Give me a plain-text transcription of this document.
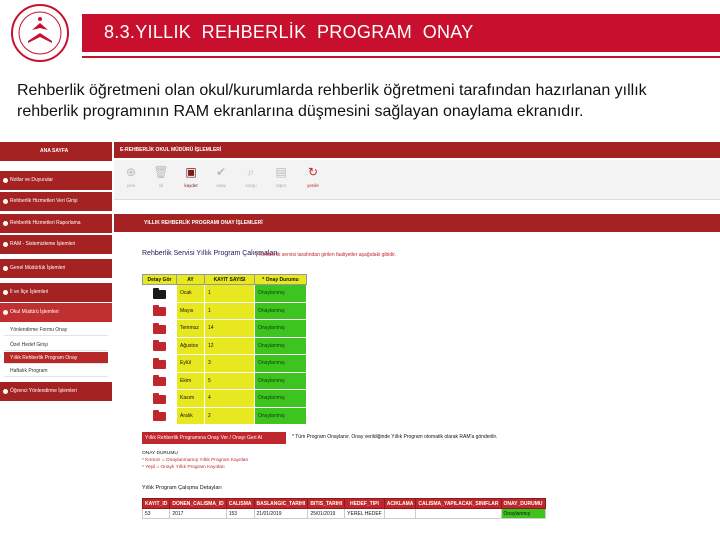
8.3.YILLIK  REHBERLİK  PROGRAM  ONAY
Rehberlik öğretmeni olan okul/kurumlarda rehberlik öğretmeni tarafından hazırlanan yıllık rehberlik programının RAM ekranlarına düşmesini sağlayan onaylama ekranıdır.
ANA SAYFA
Notlar ve Duyurular
Rehberlik Hizmetleri Veri Girişi
Rehberlik Hizmetleri Raporlama
RAM - Sistemizleme İşlemleri
Genel Müdürlük İşlemleri
İl ve İlçe İşlemleri
Okul Müdürü İşlemleri
Yönlendirme Formu Onay
Özel Hedef Girişi
Yıllık Rehberlik Program Onay
Haftalık Program
Öğrenci Yönlendirme İşlemleri
E-REHBERLİK OKUL MÜDÜRÜ İŞLEMLERİ
⊕
yeni
🗑
sil
▣
kaydet
✔
onay
⌕
sorgu
▤
rapor
↻
yenile
YILLIK REHBERLİK PROGRAMI ONAY İŞLEMLERİ
Rehberlik Servisi Yıllık Program Çalışmaları
** Rehberlik servisi tarafından girilen faaliyetler aşağıdaki gibidir.
Detay Gör	AY	KAYIT SAYISI	* Onay Durumu
	Ocak	1	Onaylanmış
	Mayıs	1	Onaylanmış
	Temmuz	14	Onaylanmış
	Ağustos	12	Onaylanmış
	Eylül	3	Onaylanmış
	Ekim	5	Onaylanmış
	Kasım	4	Onaylanmış
	Aralık	2	Onaylanmış
Yıllık Rehberlik Programına Onay Ver / Onayı Geri Al	* Tüm Program Onaylanır. Onay verildiğinde Yıllık Program otomatik olarak RAM'a gönderilir.
ONAY DURUMU
* Kırmızı = Onaylanmamış Yıllık Program Kayıtları
* Yeşil = Onaylı Yıllık Program Kayıtları
Yıllık Program Çalışma Detayları
KAYIT_ID	DONEN_CALISMA_ID	CALISMA	BASLANGIC_TARIHI	BITIS_TARIHI	HEDEF_TIPI	ACIKLAMA	CALISMA_YAPILACAK_SINIFLAR	ONAY_DURUMU
53	2017	153	21/01/2019	25/01/2019	YEREL HEDEF			Onaylanmış
